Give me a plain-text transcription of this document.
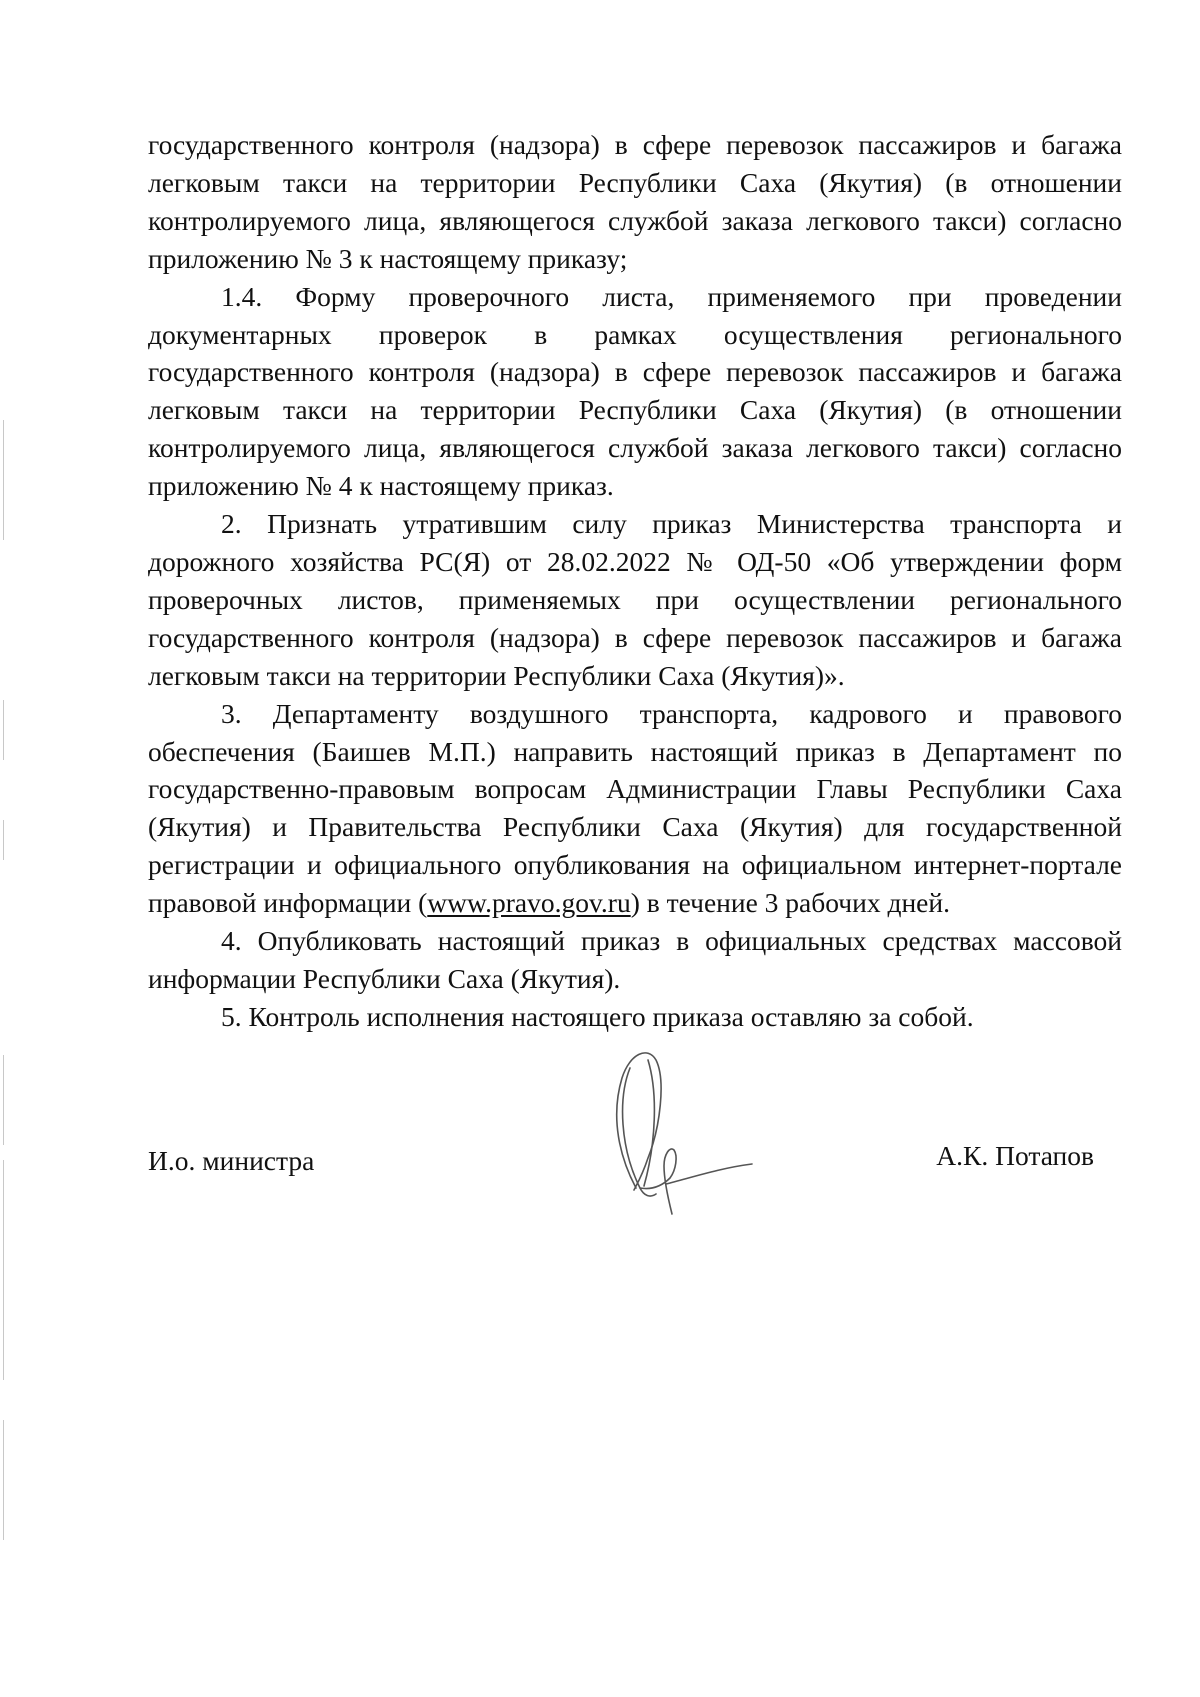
государственного контроля (надзора) в сфере перевозок пассажиров и багажа легковым такси на территории Республики Саха (Якутия) (в отношении контролируемого лица, являющегося службой заказа легкового такси) согласно приложению № 3 к настоящему приказу;

1.4. Форму проверочного листа, применяемого при проведении документарных проверок в рамках осуществления регионального государственного контроля (надзора) в сфере перевозок пассажиров и багажа легковым такси на территории Республики Саха (Якутия) (в отношении контролируемого лица, являющегося службой заказа легкового такси) согласно приложению № 4 к настоящему приказ.

2. Признать утратившим силу приказ Министерства транспорта и дорожного хозяйства РС(Я) от 28.02.2022 № ОД-50 «Об утверждении форм проверочных листов, применяемых при осуществлении регионального государственного контроля (надзора) в сфере перевозок пассажиров и багажа легковым такси на территории Республики Саха (Якутия)».

3. Департаменту воздушного транспорта, кадрового и правового обеспечения (Баишев М.П.) направить настоящий приказ в Департамент по государственно-правовым вопросам Администрации Главы Республики Саха (Якутия) и Правительства Республики Саха (Якутия) для государственной регистрации и официального опубликования на официальном интернет-портале правовой информации (www.pravo.gov.ru) в течение 3 рабочих дней.

4. Опубликовать настоящий приказ в официальных средствах массовой информации Республики Саха (Якутия).

5. Контроль исполнения настоящего приказа оставляю за собой.

И.о. министра	А.К. Потапов
